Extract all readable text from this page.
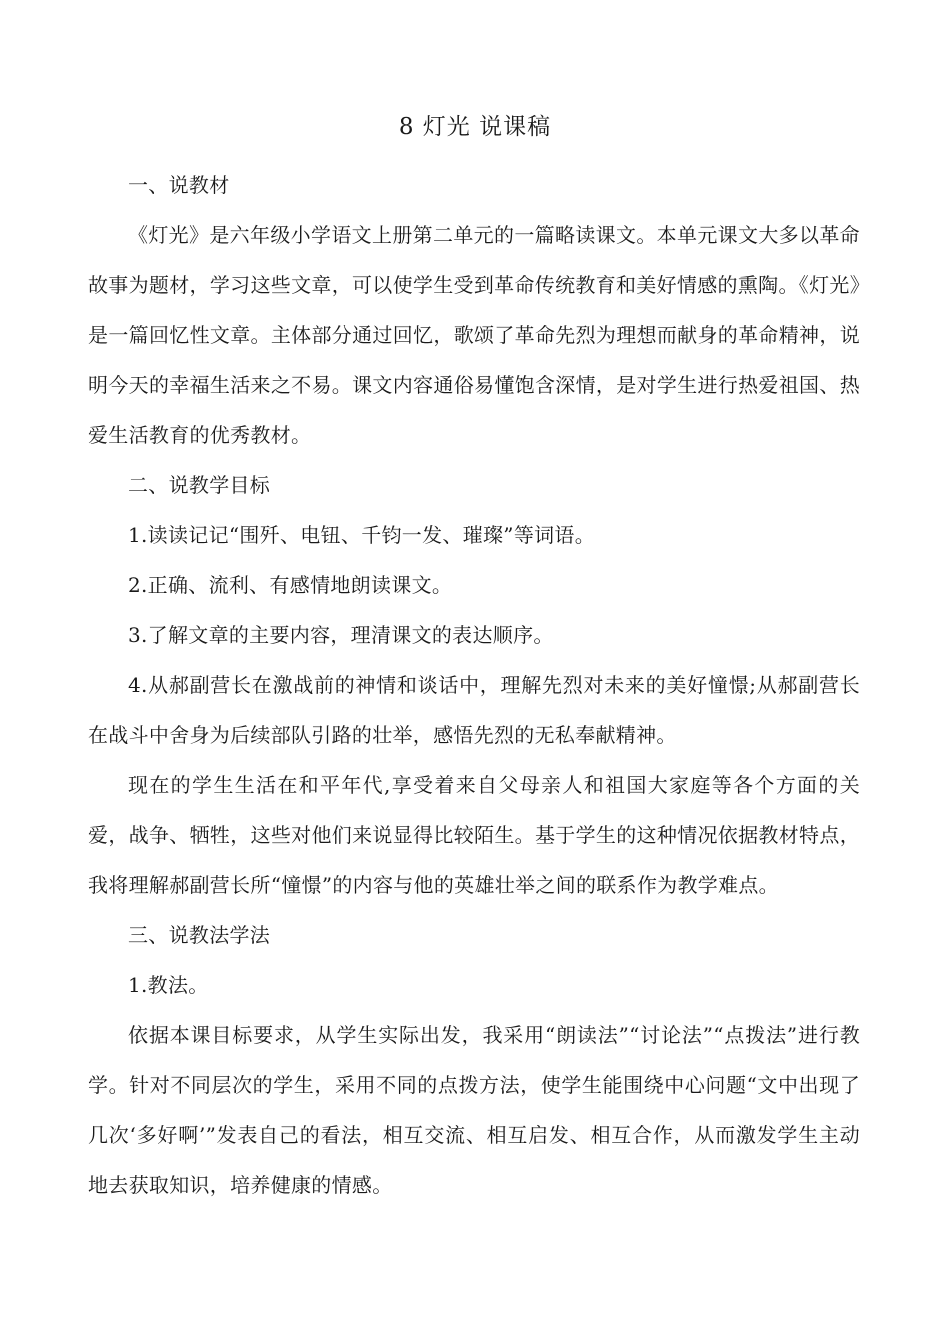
8 灯光 说课稿

一、说教材

《灯光》是六年级小学语文上册第二单元的一篇略读课文。本单元课文大多以革命故事为题材，学习这些文章，可以使学生受到革命传统教育和美好情感的熏陶。《灯光》是一篇回忆性文章。主体部分通过回忆，歌颂了革命先烈为理想而献身的革命精神，说明今天的幸福生活来之不易。课文内容通俗易懂饱含深情，是对学生进行热爱祖国、热爱生活教育的优秀教材。

二、说教学目标

1.读读记记“围歼、电钮、千钧一发、璀璨”等词语。

2.正确、流利、有感情地朗读课文。

3.了解文章的主要内容，理清课文的表达顺序。

4.从郝副营长在激战前的神情和谈话中，理解先烈对未来的美好憧憬;从郝副营长在战斗中舍身为后续部队引路的壮举，感悟先烈的无私奉献精神。

现在的学生生活在和平年代,享受着来自父母亲人和祖国大家庭等各个方面的关爱，战争、牺牲，这些对他们来说显得比较陌生。基于学生的这种情况依据教材特点，我将理解郝副营长所“憧憬”的内容与他的英雄壮举之间的联系作为教学难点。

三、说教法学法

1.教法。

依据本课目标要求，从学生实际出发，我采用“朗读法”“讨论法”“点拨法”进行教学。针对不同层次的学生，采用不同的点拨方法，使学生能围绕中心问题“文中出现了几次‘多好啊’”发表自己的看法，相互交流、相互启发、相互合作，从而激发学生主动地去获取知识，培养健康的情感。
